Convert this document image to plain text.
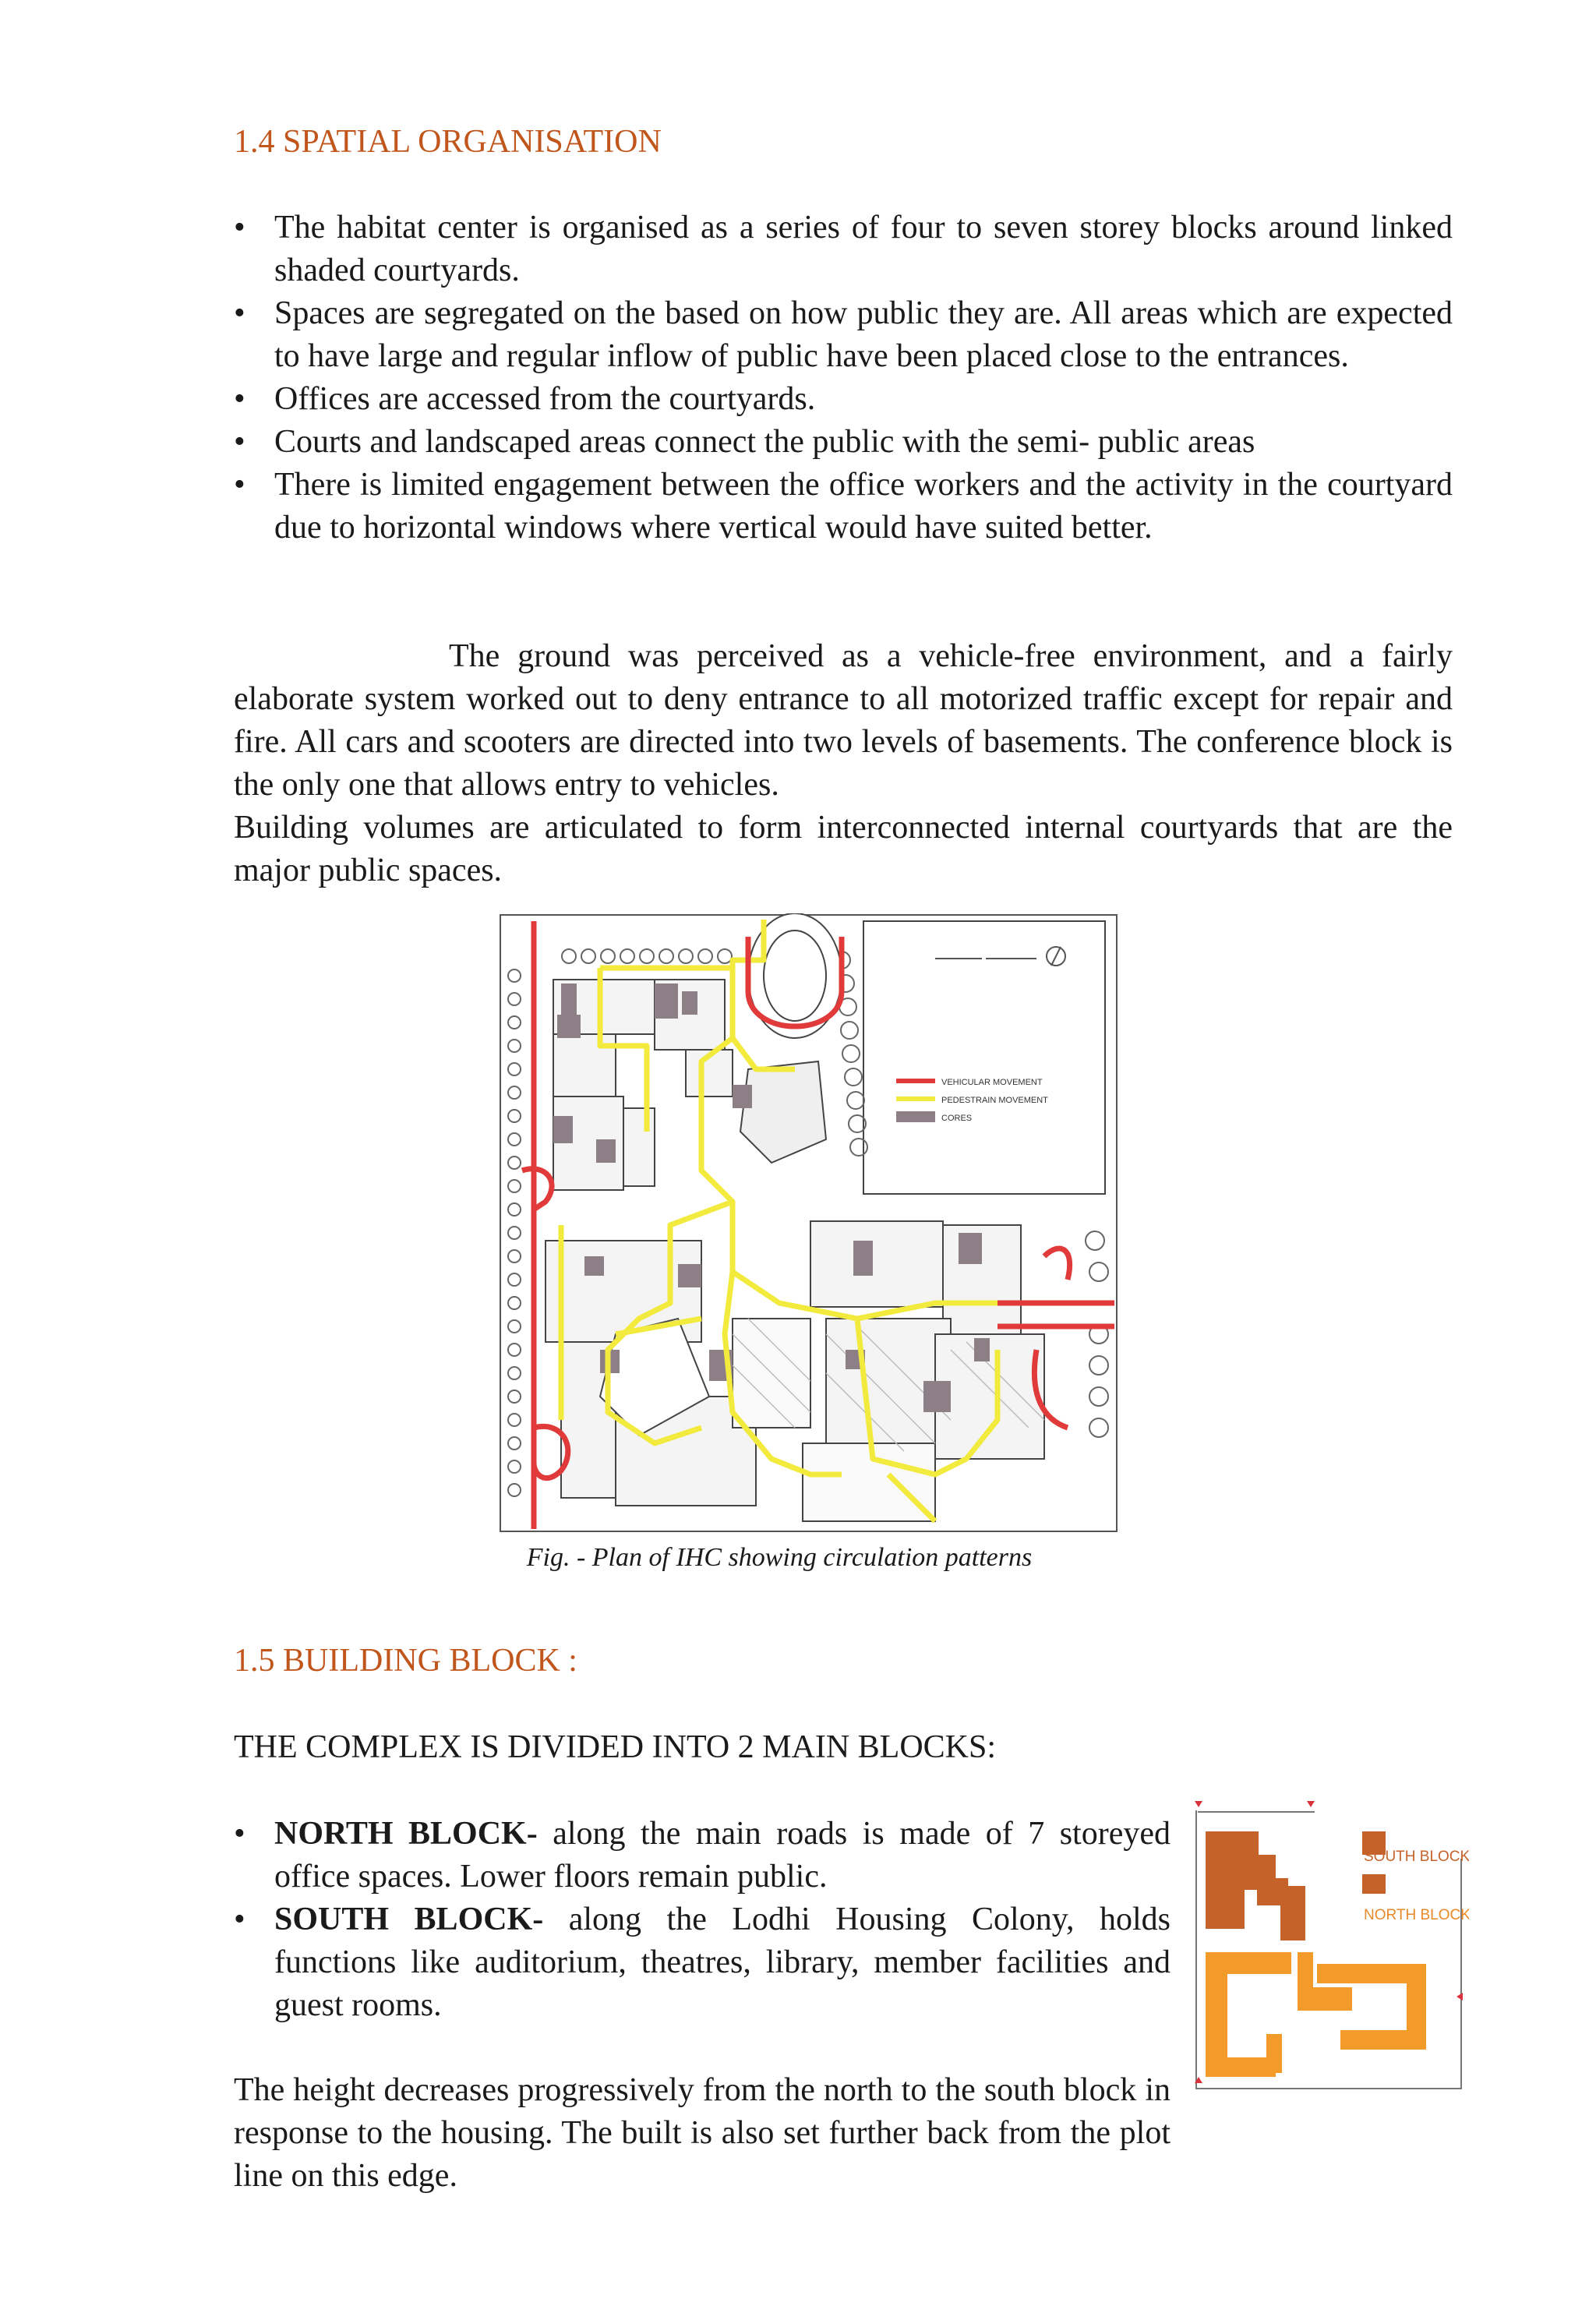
1.4 SPATIAL ORGANISATION
• The habitat center is organised as a series of four to seven storey blocks around linked shaded courtyards.
• Spaces are segregated on the based on how public they are. All areas which are expected to have large and regular inflow of public have been placed close to the entrances.
• Offices are accessed from the courtyards.
• Courts and landscaped areas connect the public with the semi- public areas
• There is limited engagement between the office workers and the activity in the courtyard due to horizontal windows where vertical would have suited better.
The ground was perceived as a vehicle-free environment, and a fairly elaborate system worked out to deny entrance to all motorized traffic except for repair and fire. All cars and scooters are directed into two levels of basements. The conference block is the only one that allows entry to vehicles.
Building volumes are articulated to form interconnected internal courtyards that are the major public spaces.
VEHICULAR MOVEMENT
PEDESTRAIN MOVEMENT
CORES
Fig. - Plan of IHC showing circulation patterns
1.5 BUILDING BLOCK :
THE COMPLEX IS DIVIDED INTO 2 MAIN BLOCKS:
• NORTH BLOCK- along the main roads is made of 7 storeyed office spaces. Lower floors remain public.
• SOUTH BLOCK- along the Lodhi Housing Colony, holds functions like auditorium, theatres, library, member facilities and guest rooms.
The height decreases progressively from the north to the south block in response to the housing. The built is also set further back from the plot line on this edge.
SOUTH BLOCK
NORTH BLOCK
